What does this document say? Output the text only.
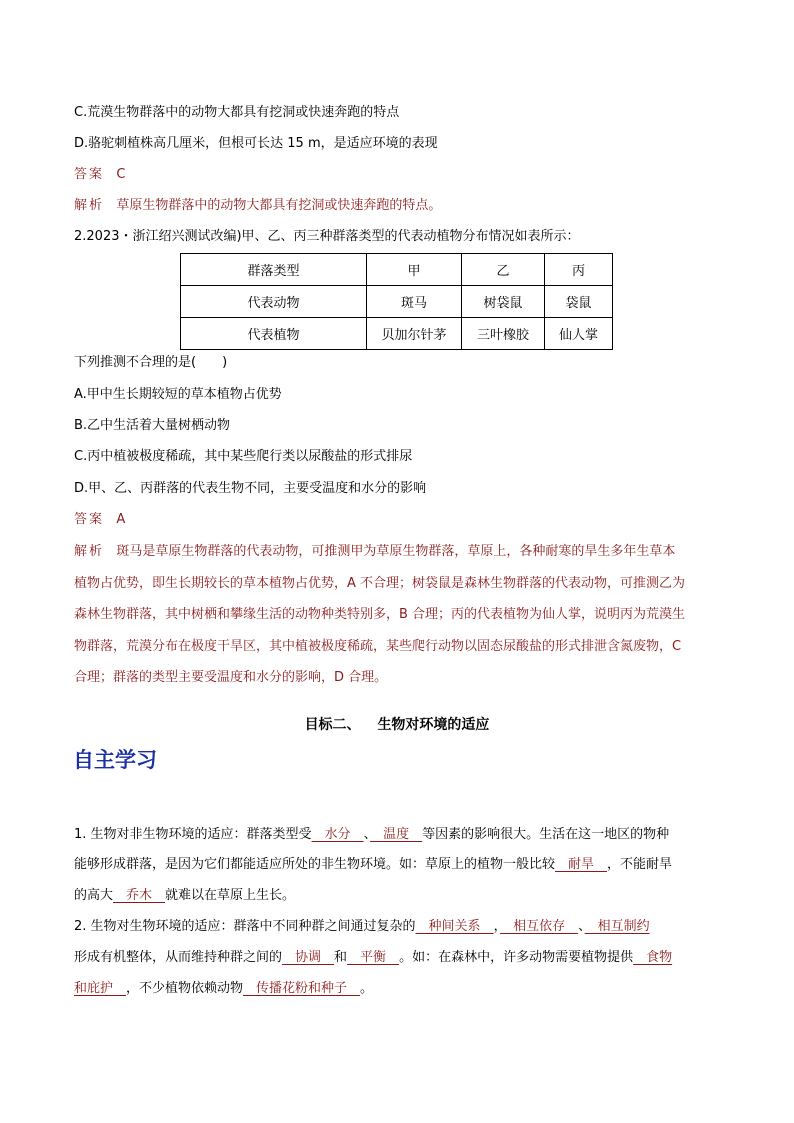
C.荒漠生物群落中的动物大都具有挖洞或快速奔跑的特点
D.骆驼刺植株高几厘米，但根可长达 15 m，是适应环境的表现
答案 C
解析 草原生物群落中的动物大都具有挖洞或快速奔跑的特点。
2.2023・浙江绍兴测试改编)甲、乙、丙三种群落类型的代表动植物分布情况如表所示：
群落类型	甲	乙	丙
代表动物	斑马	树袋鼠	袋鼠
代表植物	贝加尔针茅	三叶橡胶	仙人掌
下列推测不合理的是(　　)
A.甲中生长期较短的草本植物占优势
B.乙中生活着大量树栖动物
C.丙中植被极度稀疏，其中某些爬行类以尿酸盐的形式排尿
D.甲、乙、丙群落的代表生物不同，主要受温度和水分的影响
答案 A
解析 斑马是草原生物群落的代表动物，可推测甲为草原生物群落，草原上，各种耐寒的旱生多年生草本
植物占优势，即生长期较长的草本植物占优势，A 不合理；树袋鼠是森林生物群落的代表动物，可推测乙为
森林生物群落，其中树栖和攀缘生活的动物种类特别多，B 合理；丙的代表植物为仙人掌，说明丙为荒漠生
物群落，荒漠分布在极度干旱区，其中植被极度稀疏，某些爬行动物以固态尿酸盐的形式排泄含氮废物，C
合理；群落的类型主要受温度和水分的影响，D 合理。
目标二、 生物对环境的适应
自主学习
1. 生物对非生物环境的适应：群落类型受　水分　、　温度　等因素的影响很大。生活在这一地区的物种
能够形成群落，是因为它们都能适应所处的非生物环境。如：草原上的植物一般比较　耐旱　，不能耐旱
的高大　乔木　就难以在草原上生长。
2. 生物对生物环境的适应：群落中不同种群之间通过复杂的　种间关系　，　相互依存　、　相互制约
形成有机整体，从而维持种群之间的　协调　和　平衡　。如：在森林中，许多动物需要植物提供　食物
和庇护　，不少植物依赖动物　传播花粉和种子　。
